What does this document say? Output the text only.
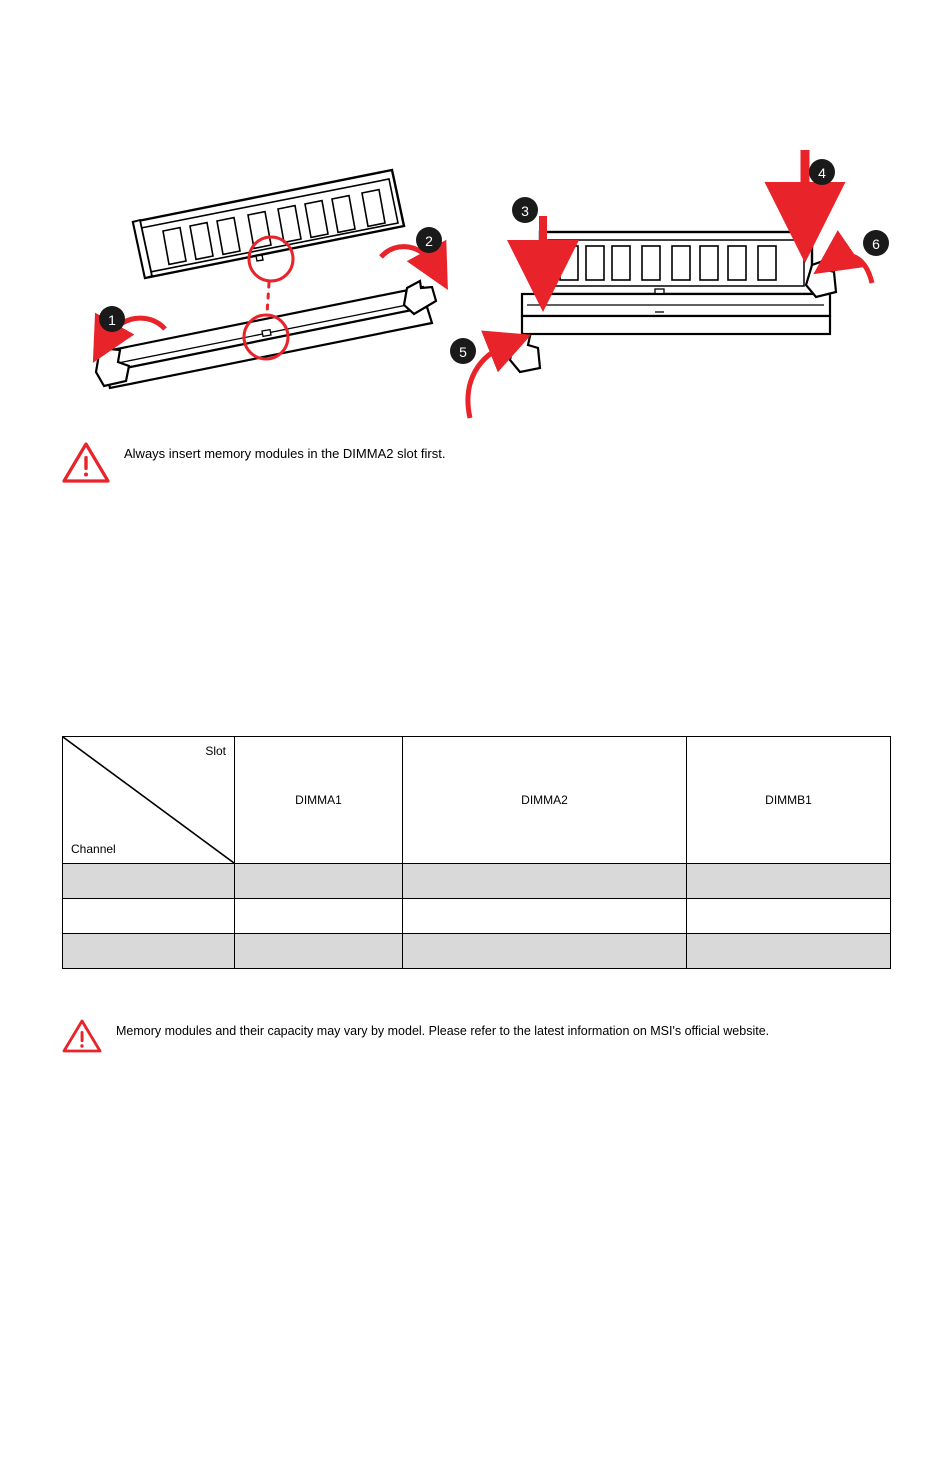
1
2
3
4
5
6
Always insert memory modules in the DIMMA2 slot first.
Slot
Channel	DIMMA1	DIMMA2	DIMMB1

Memory modules and their capacity may vary by model. Please refer to the latest information on MSI's official website.
